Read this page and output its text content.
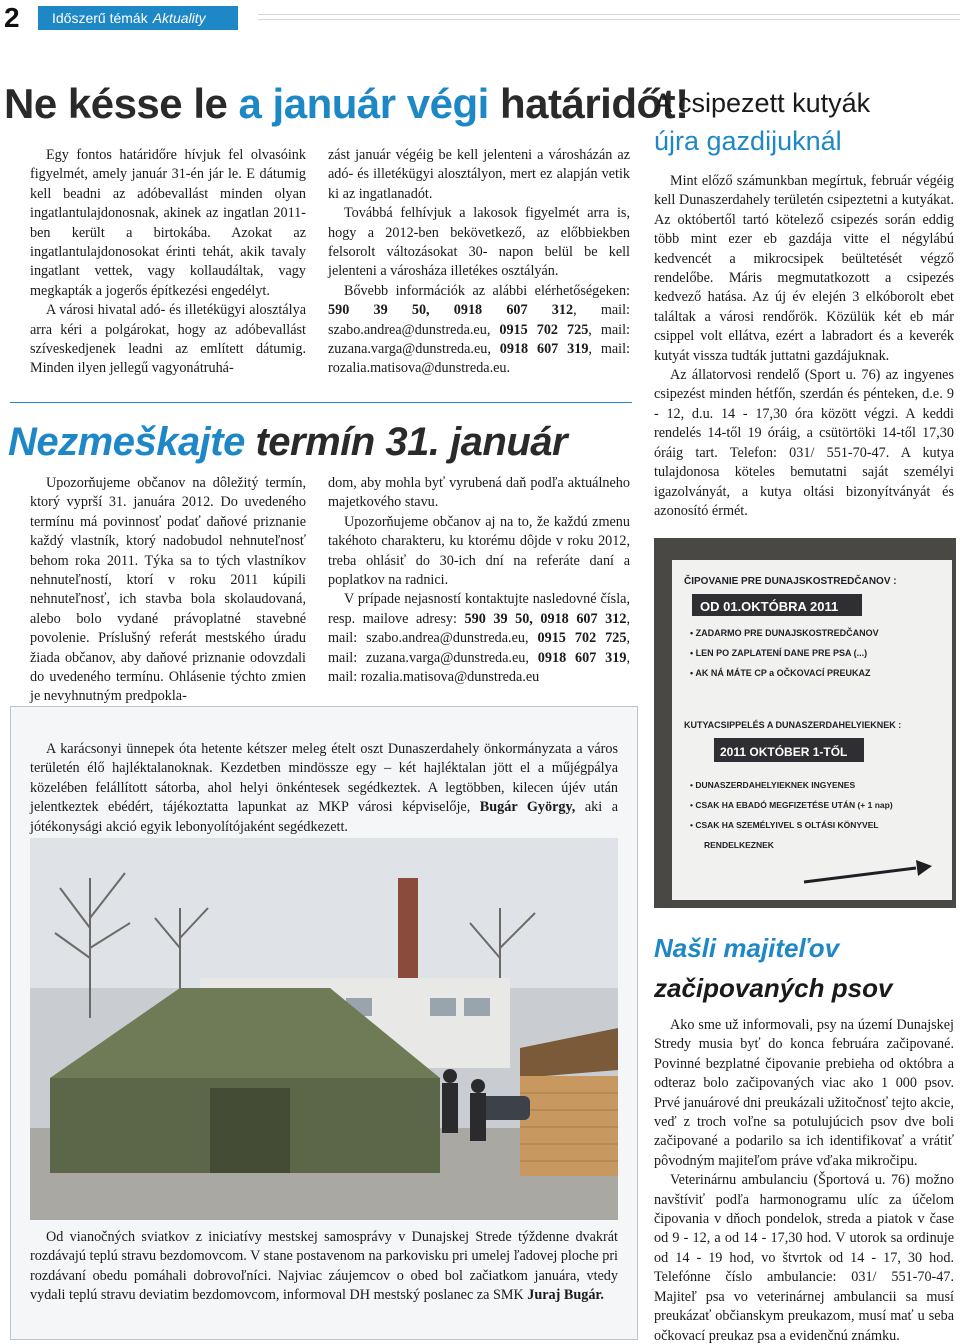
2	Időszerű témák Aktuality
Ne késse le a január végi határidőt!

Egy fontos határidőre hívjuk fel olvasóink figyelmét, amely január 31-én jár le. E dátumig kell beadni az adóbevallást minden olyan ingatlantulajdonosnak, akinek az ingatlan 2011-ben került a birtokába. Azokat az ingatlantulajdonosokat érinti tehát, akik tavaly ingatlant vettek, vagy kollaudáltak, vagy megkapták a jogerős építkezési engedélyt.

A városi hivatal adó- és illetékügyi alosztálya arra kéri a polgárokat, hogy az adóbevallást szíveskedjenek leadni az említett dátumig. Minden ilyen jellegű vagyonátruhá-

zást január végéig be kell jelenteni a városházán az adó- és illetékügyi alosztályon, mert ez alapján vetik ki az ingatlanadót.

Továbbá felhívjuk a lakosok figyelmét arra is, hogy a 2012-ben bekövetkező, az előbbiekben felsorolt változásokat 30- napon belül be kell jelenteni a városháza illetékes osztályán.

Bővebb információk az alábbi elérhetőségeken: 590 39 50, 0918 607 312, mail: szabo.andrea@dunstreda.eu, 0915 702 725, mail: zuzana.varga@dunstreda.eu, 0918 607 319, mail: rozalia.matisova@dunstreda.eu.

Nezmeškajte termín 31. január

Upozorňujeme občanov na dôležitý termín, ktorý vyprší 31. januára 2012. Do uvedeného termínu má povinnosť podať daňové priznanie každý vlastník, ktorý nadobudol nehnuteľnosť behom roka 2011. Týka sa to tých vlastníkov nehnuteľností, ktorí v roku 2011 kúpili nehnuteľnosť, ich stavba bola skolaudovaná, alebo bolo vydané právoplatné stavebné povolenie. Príslušný referát mestského úradu žiada občanov, aby daňové priznanie odovzdali do uvedeného termínu. Ohlásenie týchto zmien je nevyhnutným predpokla-

dom, aby mohla byť vyrubená daň podľa aktuálneho majetkového stavu.

Upozorňujeme občanov aj na to, že každú zmenu takéhoto charakteru, ku ktorému dôjde v roku 2012, treba ohlásiť do 30-ich dní na referáte daní a poplatkov na radnici.

V prípade nejasností kontaktujte nasledovné čísla, resp. mailove adresy: 590 39 50, 0918 607 312, mail: szabo.andrea@dunstreda.eu, 0915 702 725, mail: zuzana.varga@dunstreda.eu, 0918 607 319, mail: rozalia.matisova@dunstreda.eu

A karácsonyi ünnepek óta hetente kétszer meleg ételt oszt Dunaszerdahely önkormányzata a város területén élő hajléktalanoknak. Kezdetben mindössze egy – két hajléktalan jött el a műjégpálya közelében felállított sátorba, ahol helyi önkéntesek segédkeztek. A legtöbben, kilecen újév után jelentkeztek ebédért, tájékoztatta lapunkat az MKP városi képviselője, Bugár György, aki a jótékonysági akció egyik lebonyolítójaként segédkezett.

Od vianočných sviatkov z iniciatívy mestskej samosprávy v Dunajskej Strede týždenne dvakrát rozdávajú teplú stravu bezdomovcom. V stane postavenom na parkovisku pri umelej ľadovej ploche pri rozdávaní obedu pomáhali dobrovoľníci. Najviac záujemcov o obed bol začiatkom januára, vtedy vydali teplú stravu deviatim bezdomovcom, informoval DH mestský poslanec za SMK Juraj Bugár.

A csipezett kutyák
újra gazdijuknál

Mint előző számunkban megírtuk, február végéig kell Dunaszerdahely területén csipeztetni a kutyákat. Az októbertől tartó kötelező csipezés során eddig több mint ezer eb gazdája vitte el négylábú kedvencét a mikrocsipek beültetését végző rendelőbe. Máris megmutatkozott a csipezés kedvező hatása. Az új év elején 3 elkóborolt ebet találtak a városi rendőrök. Közülük két eb már csippel volt ellátva, ezért a labradort és a keverék kutyát vissza tudták juttatni gazdájuknak.

Az állatorvosi rendelő (Sport u. 76) az ingyenes csipezést minden hétfőn, szerdán és pénteken, d.e. 9 - 12, d.u. 14 - 17,30 óra között végzi. A keddi rendelés 14-től 19 óráig, a csütörtöki 14-től 17,30 óráig tart. Telefon: 031/ 551-70-47. A kutya tulajdonosa köteles bemutatni saját személyi igazolványát, a kutya oltási bizonyítványát és azonosító érmét.

ČIPOVANIE PRE DUNAJSKOSTREDČANOV :
OD 01.OKTÓBRA 2011
• ZADARMO PRE DUNAJSKOSTREDČANOV
• LEN PO ZAPLATENÍ DANE PRE PSA (...)
• AK NÁ MÁTE CP a OČKOVACÍ PREUKAZ
KUTYACSIPPELÉS A DUNASZERDAHELYIEKNEK :
2011 OKTÓBER 1-TŐL
• DUNASZERDAHELYIEKNEK INGYENES
• CSAK HA EBADÓ MEGFIZETÉSE UTÁN (+ 1 nap)
• CSAK HA SZEMÉLYIVEL S OLTÁSI KÖNYVEL
RENDELKEZNEK
Našli majiteľov
začipovaných psov

Ako sme už informovali, psy na území Dunajskej Stredy musia byť do konca februára začipované. Povinné bezplatné čipovanie prebieha od októbra a odteraz bolo začipovaných viac ako 1 000 psov. Prvé januárové dni preukázali užitočnosť tejto akcie, veď z troch voľne sa potulujúcich psov dve boli začipované a podarilo sa ich identifikovať a vrátiť pôvodným majiteľom práve vďaka mikročipu.

Veterinárnu ambulanciu (Športová u. 76) možno navštíviť podľa harmonogramu ulíc za účelom čipovania v dňoch pondelok, streda a piatok v čase od 9 - 12, a od 14 - 17,30 hod. V utorok sa ordinuje od 14 - 19 hod, vo štvrtok od 14 - 17, 30 hod. Telefónne číslo ambulancie: 031/ 551-70-47. Majiteľ psa vo veterinárnej ambulancii sa musí preukázať občianskym preukazom, musí mať u seba očkovací preukaz psa a evidenčnú známku.
